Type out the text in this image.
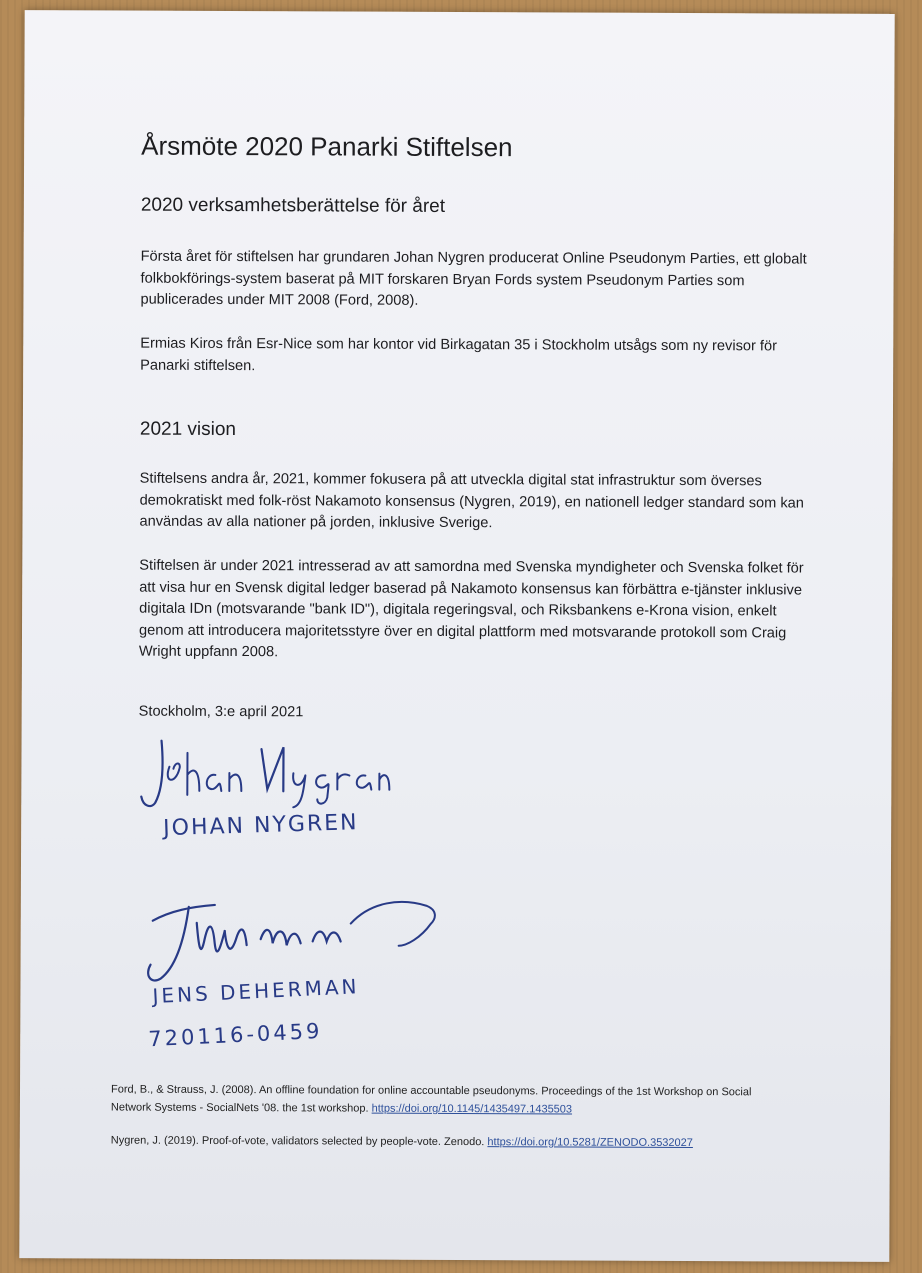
Årsmöte 2020 Panarki Stiftelsen
2020 verksamhetsberättelse för året
Första året för stiftelsen har grundaren Johan Nygren producerat Online Pseudonym Parties, ett globalt folkbokförings-system baserat på MIT forskaren Bryan Fords system Pseudonym Parties som publicerades under MIT 2008 (Ford, 2008).
Ermias Kiros från Esr-Nice som har kontor vid Birkagatan 35 i Stockholm utsågs som ny revisor för Panarki stiftelsen.
2021 vision
Stiftelsens andra år, 2021, kommer fokusera på att utveckla digital stat infrastruktur som överses demokratiskt med folk-röst Nakamoto konsensus (Nygren, 2019), en nationell ledger standard som kan användas av alla nationer på jorden, inklusive Sverige.
Stiftelsen är under 2021 intresserad av att samordna med Svenska myndigheter och Svenska folket för att visa hur en Svensk digital ledger baserad på Nakamoto konsensus kan förbättra e-tjänster inklusive digitala IDn (motsvarande "bank ID"), digitala regeringsval, och Riksbankens e-Krona vision, enkelt genom att introducera majoritetsstyre över en digital plattform med motsvarande protokoll som Craig Wright uppfann 2008.
Stockholm, 3:e april 2021
JOHAN NYGREN
JENS DEHERMAN
720116-0459
Ford, B., & Strauss, J. (2008). An offline foundation for online accountable pseudonyms. Proceedings of the 1st Workshop on Social Network Systems - SocialNets '08. the 1st workshop. https://doi.org/10.1145/1435497.1435503
Nygren, J. (2019). Proof-of-vote, validators selected by people-vote. Zenodo. https://doi.org/10.5281/ZENODO.3532027
